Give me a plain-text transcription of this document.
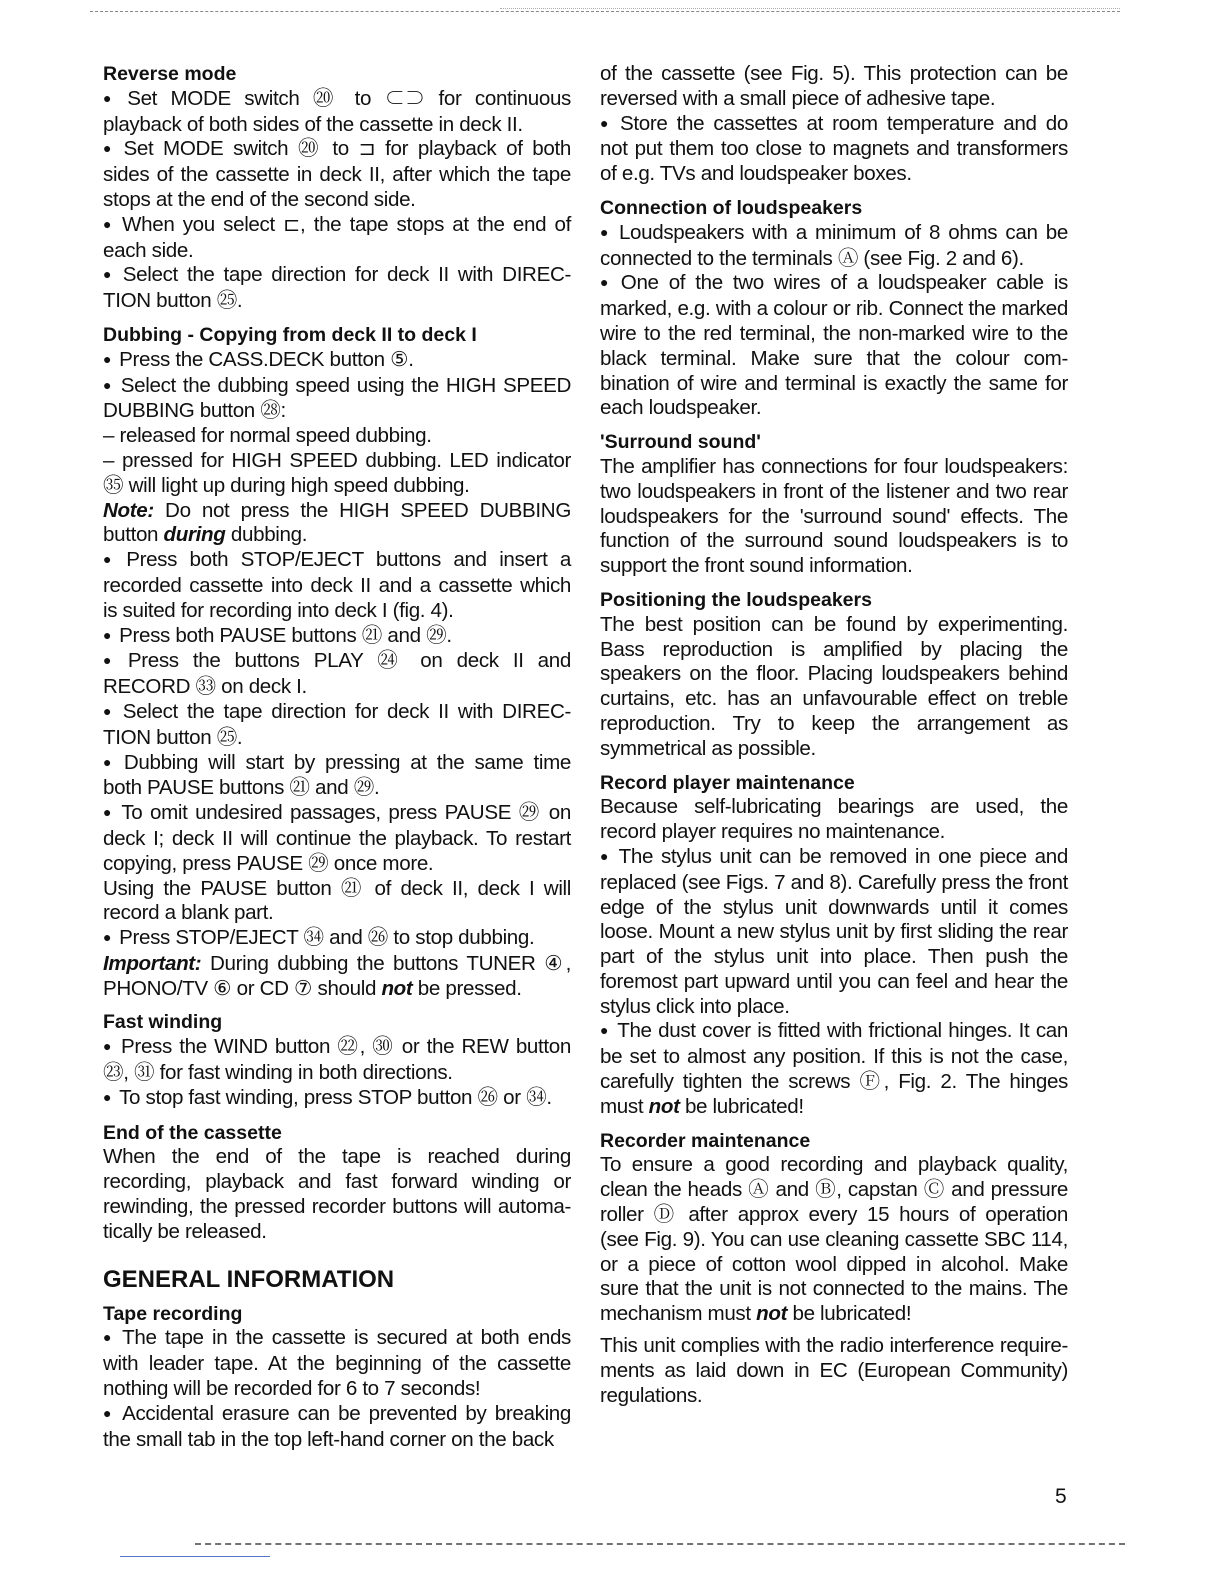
Reverse mode

● Set MODE switch ⑳ to ⊂⊃ for continuous playback of both sides of the cassette in deck II.

● Set MODE switch ⑳ to ⊐ for playback of both sides of the cassette in deck II, after which the tape stops at the end of the second side.

● When you select ⊏, the tape stops at the end of each side.

● Select the tape direction for deck II with DIREC-TION button ㉕.

Dubbing - Copying from deck II to deck I

● Press the CASS.DECK button ⑤.

● Select the dubbing speed using the HIGH SPEED DUBBING button ㉘:

– released for normal speed dubbing.

– pressed for HIGH SPEED dubbing. LED indicator ㉟ will light up during high speed dubbing.

Note: Do not press the HIGH SPEED DUBBING button during dubbing.

● Press both STOP/EJECT buttons and insert a recorded cassette into deck II and a cassette which is suited for recording into deck I (fig. 4).

● Press both PAUSE buttons ㉑ and ㉙.

● Press the buttons PLAY ㉔ on deck II and RECORD ㉝ on deck I.

● Select the tape direction for deck II with DIREC-TION button ㉕.

● Dubbing will start by pressing at the same time both PAUSE buttons ㉑ and ㉙.

● To omit undesired passages, press PAUSE ㉙ on deck I; deck II will continue the playback. To restart copying, press PAUSE ㉙ once more.

Using the PAUSE button ㉑ of deck II, deck I will record a blank part.

● Press STOP/EJECT ㉞ and ㉖ to stop dubbing.

Important: During dubbing the buttons TUNER ④, PHONO/TV ⑥ or CD ⑦ should not be pressed.

Fast winding

● Press the WIND button ㉒, ㉚ or the REW button ㉓, ㉛ for fast winding in both directions.

● To stop fast winding, press STOP button ㉖ or ㉞.

End of the cassette

When the end of the tape is reached during recording, playback and fast forward winding or rewinding, the pressed recorder buttons will automa-tically be released.

GENERAL INFORMATION
Tape recording

● The tape in the cassette is secured at both ends with leader tape. At the beginning of the cassette nothing will be recorded for 6 to 7 seconds!

● Accidental erasure can be prevented by breaking the small tab in the top left-hand corner on the back

of the cassette (see Fig. 5). This protection can be reversed with a small piece of adhesive tape.

● Store the cassettes at room temperature and do not put them too close to magnets and transformers of e.g. TVs and loudspeaker boxes.

Connection of loudspeakers

● Loudspeakers with a minimum of 8 ohms can be connected to the terminals Ⓐ (see Fig. 2 and 6).

● One of the two wires of a loudspeaker cable is marked, e.g. with a colour or rib. Connect the marked wire to the red terminal, the non-marked wire to the black terminal. Make sure that the colour com-bination of wire and terminal is exactly the same for each loudspeaker.

'Surround sound'

The amplifier has connections for four loudspeakers: two loudspeakers in front of the listener and two rear loudspeakers for the 'surround sound' effects. The function of the surround sound loudspeakers is to support the front sound information.

Positioning the loudspeakers

The best position can be found by experimenting. Bass reproduction is amplified by placing the speakers on the floor. Placing loudspeakers behind curtains, etc. has an unfavourable effect on treble reproduction. Try to keep the arrangement as symmetrical as possible.

Record player maintenance

Because self-lubricating bearings are used, the record player requires no maintenance.

● The stylus unit can be removed in one piece and replaced (see Figs. 7 and 8). Carefully press the front edge of the stylus unit downwards until it comes loose. Mount a new stylus unit by first sliding the rear part of the stylus unit into place. Then push the foremost part upward until you can feel and hear the stylus click into place.

● The dust cover is fitted with frictional hinges. It can be set to almost any position. If this is not the case, carefully tighten the screws Ⓕ, Fig. 2. The hinges must not be lubricated!

Recorder maintenance

To ensure a good recording and playback quality, clean the heads Ⓐ and Ⓑ, capstan Ⓒ and pressure roller Ⓓ after approx every 15 hours of operation (see Fig. 9). You can use cleaning cassette SBC 114, or a piece of cotton wool dipped in alcohol. Make sure that the unit is not connected to the mains. The mechanism must not be lubricated!

This unit complies with the radio interference require-ments as laid down in EC (European Community) regulations.

5
